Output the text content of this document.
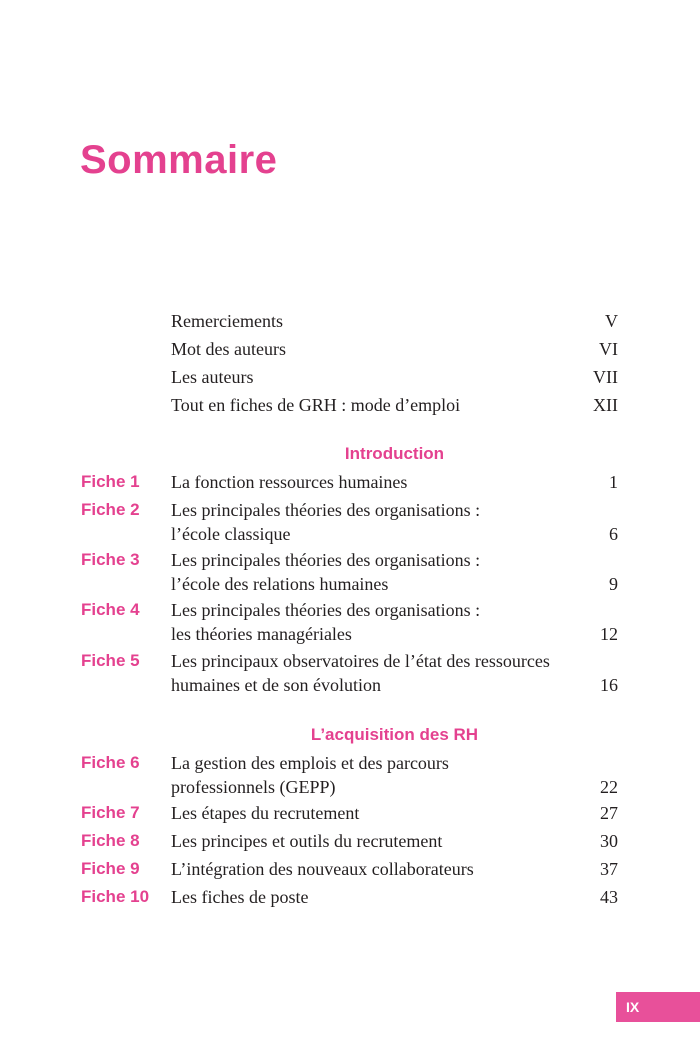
Sommaire
Remerciements	V
Mot des auteurs	VI
Les auteurs	VII
Tout en fiches de GRH : mode d’emploi	XII
Introduction
Fiche 1	La fonction ressources humaines	1
Fiche 2	Les principales théories des organisations :
l’école classique	6
Fiche 3	Les principales théories des organisations :
l’école des relations humaines	9
Fiche 4	Les principales théories des organisations :
les théories managériales	12
Fiche 5	Les principaux observatoires de l’état des ressources
humaines et de son évolution	16
L’acquisition des RH
Fiche 6	La gestion des emplois et des parcours
professionnels (GEPP)	22
Fiche 7	Les étapes du recrutement	27
Fiche 8	Les principes et outils du recrutement	30
Fiche 9	L’intégration des nouveaux collaborateurs	37
Fiche 10	Les fiches de poste	43
IX
